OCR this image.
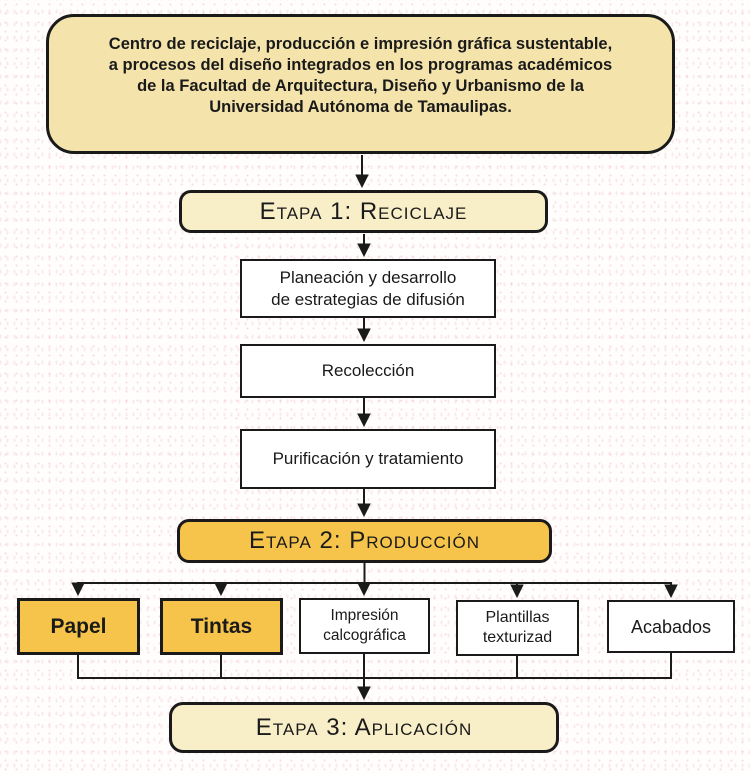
Centro de reciclaje, producción e impresión gráfica sustentable,
a procesos del diseño integrados en los programas académicos
de la Facultad de Arquitectura, Diseño y Urbanismo de la
Universidad Autónoma de Tamaulipas.
Etapa 1: Reciclaje
Planeación y desarrollo
de estrategias de difusión
Recolección
Purificación y tratamiento
Etapa 2: Producción
Papel	Tintas	Impresión
calcográfica
Plantillas
texturizad
Acabados
Etapa 3: Aplicación
